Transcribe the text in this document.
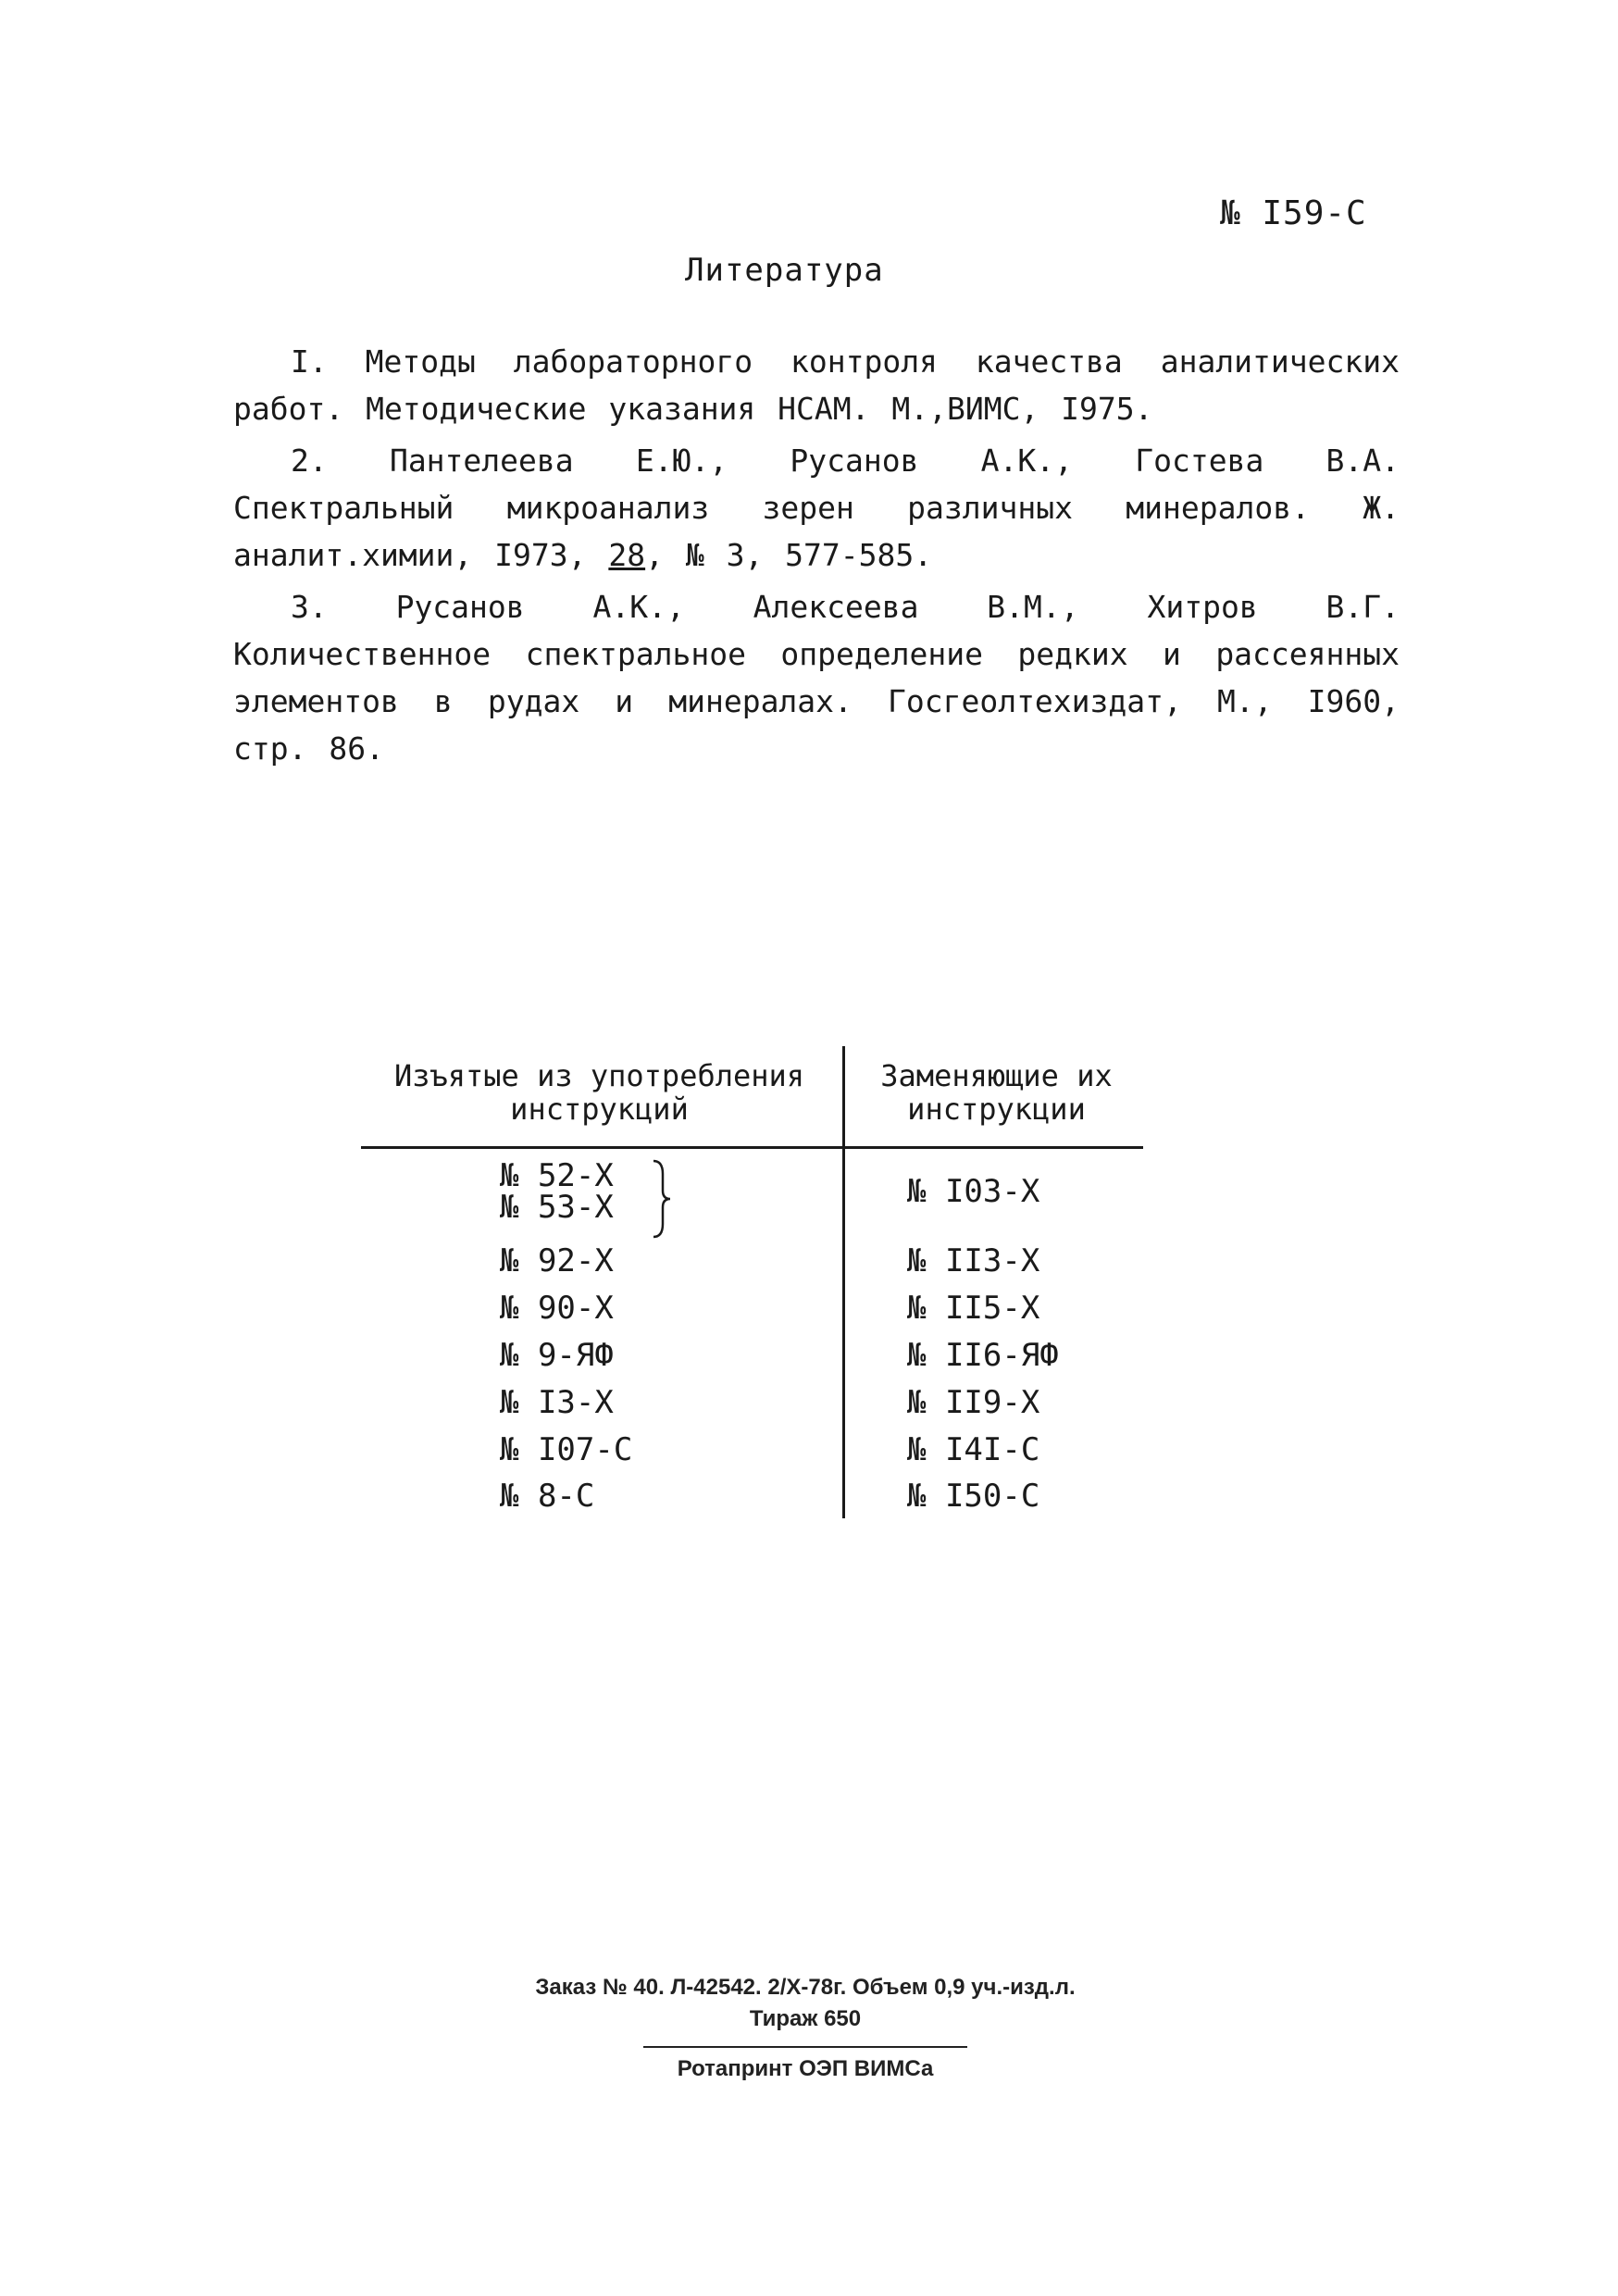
№ I59-С
Литература

I. Методы лабораторного контроля качества аналитических работ. Методические указания НСАМ. М.,ВИМС, I975.

2. Пантелеева Е.Ю., Русанов А.К., Гостева В.А. Спектральный микроанализ зерен различных минералов. Ж. аналит.химии, I973, 28, № 3, 577-585.

3. Русанов А.К., Алексеева В.М., Хитров В.Г. Количественное спектральное определение редких и рассеянных элементов в рудах и минералах. Госгеолтехиздат, М., I960, стр. 86.

Изъятые из употребления инструкций
Заменяющие их инструкции
№ 52-Х
№ 53-Х
№ 92-Х
№ 90-Х
№ 9-ЯФ
№ I3-Х
№ I07-С
№ 8-С
№ I03-Х
№ II3-Х
№ II5-Х
№ II6-ЯФ
№ II9-Х
№ I4I-С
№ I50-С
Заказ № 40. Л-42542. 2/Х-78г. Объем 0,9 уч.-изд.л.
Тираж 650
Ротапринт ОЭП ВИМСа
